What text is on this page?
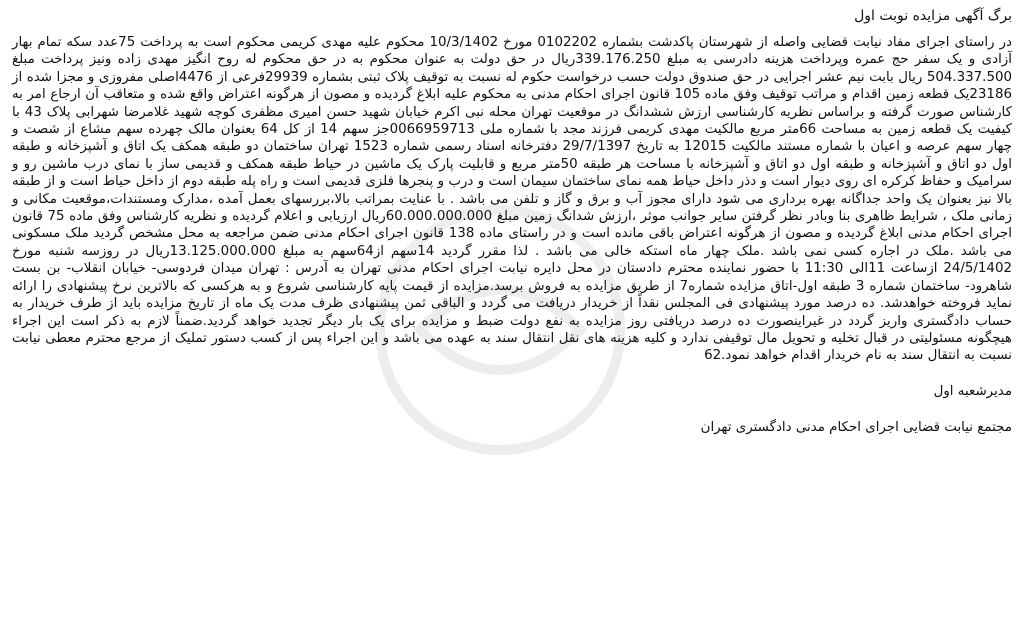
برگ آگهی مزایده نوبت اول

در راستای اجرای مفاد نیابت قضایی واصله از شهرستان پاکدشت بشماره 0102202 مورخ 10/3/1402 محکوم علیه مهدی کریمی محکوم است به پرداخت 75عدد سکه تمام بهار آزادی و یک سفر حج عمره وپرداخت هزینه دادرسی به مبلغ 339.176.250ریال در حق دولت به عنوان محکوم به در حق محکوم له روح انگیز مهدی زاده ونیز پرداخت مبلغ 504.337.500 ریال بابت نیم عشر اجرایی در حق صندوق دولت حسب درخواست حکوم له نسبت به توقیف پلاک ثبتی بشماره 29939فرعی از 4476اصلی مفروزی و مجزا شده از 23186یک قطعه زمین اقدام و مراتب توقیف وفق ماده 105 قانون اجرای احکام مدنی به محکوم علیه ابلاغ گردیده و مصون از هرگونه اعتراض واقع شده و متعاقب آن ارجاع امر به کارشناس صورت گرفته و براساس نظریه کارشناسی ارزش ششدانگ در موقعیت تهران محله نبی اکرم خیابان شهید حسن امیری مظفری کوچه شهید غلامرضا شهرابی پلاک 43 با کیفیت یک قطعه زمین به مساحت 66متر مربع مالکیت مهدی کریمی فرزند مجد با شماره ملی 0066959713جز سهم 14 از کل 64 بعنوان مالک چهرده سهم مشاع از شصت و چهار سهم عرصه و اعیان با شماره مستند مالکیت 12015 به تاریخ 29/7/1397 دفترخانه اسناد رسمی شماره 1523 تهران ساختمان دو طبقه همکف یک اتاق و آشپزخانه و طبقه اول دو اتاق و آشپزخانه و طبقه اول دو اتاق و آشپزخانه با مساحت هر طبقه 50متر مربع و قابلیت پارک یک ماشین در حیاط طبقه همکف و قدیمی ساز با نمای درب ماشین رو و سرامیک و حفاظ کرکره ای روی دیوار است و دذر داخل حیاط همه نمای ساختمان سیمان است و درب و پنجرها فلزی قدیمی است و راه پله طبقه دوم از داخل حیاط است و از طبقه بالا نیز بعنوان یک واحد جداگانه بهره برداری می شود دارای مجوز آب و برق و گاز و تلفن می باشد . با عنایت بمراتب بالا،بررسهای بعمل آمده ،مدارک ومستندات،موقعیت مکانی و زمانی ملک ، شرایط ظاهری بنا وبادر نظر گرفتن سایر جوانب موثر ،ارزش شدانگ زمین مبلغ 60.000.000.000ریال ارزیابی و اعلام گردیده و نظریه کارشناس وفق ماده 75 قانون اجرای احکام مدنی ابلاغ گردیده و مصون از هرگونه اعتراض باقی مانده است و در راستای ماده 138 قانون اجرای احکام مدنی ضمن مراجعه به محل مشخص گردید ملک مسکونی می باشد .ملک در اجاره کسی نمی باشد .ملک چهار ماه استکه خالی می باشد . لذا مقرر گردید 14سهم از64سهم به مبلغ 13.125.000.000ریال در روزسه شنبه مورخ 24/5/1402 ازساعت 11الی 11:30 با حضور نماینده محترم دادستان در محل دایره نیابت اجرای احکام مدنی تهران به آدرس : تهران میدان فردوسی- خیابان انقلاب- بن بست شاهرود- ساختمان شماره 3 طبقه اول-اتاق مزایده شماره7 از طریق مزایده به فروش برسد.مزایده از قیمت پایه کارشناسی شروع و به هرکسی که بالاترین نرخ پیشنهادی را ارائه نماید فروخته خواهدشد. ده درصد مورد پیشنهادی فی المجلس نقداً از خریدار دریافت می گردد و الباقی ثمن پیشنهادی ظرف مدت یک ماه از تاریخ مزایده باید از طرف خریدار به حساب دادگستری واریز گردد در غیراینصورت ده درصد دریافتی روز مزایده به نفع دولت ضبط و مزایده برای یک بار دیگر تجدید خواهد گردید.ضمناً لازم به ذکر است این اجراء هیچگونه مسئولیتی در قبال تخلیه و تحویل مال توقیفی ندارد و کلیه هزینه های نقل انتقال سند به عهده می باشد و این اجراء پس از کسب دستور تملیک از مرجع محترم معطی نیابت نسبت به انتقال سند به نام خریدار اقدام خواهد نمود.62

مدیرشعبه اول

مجتمع نیابت قضایی اجرای احکام مدنی دادگستری تهران
